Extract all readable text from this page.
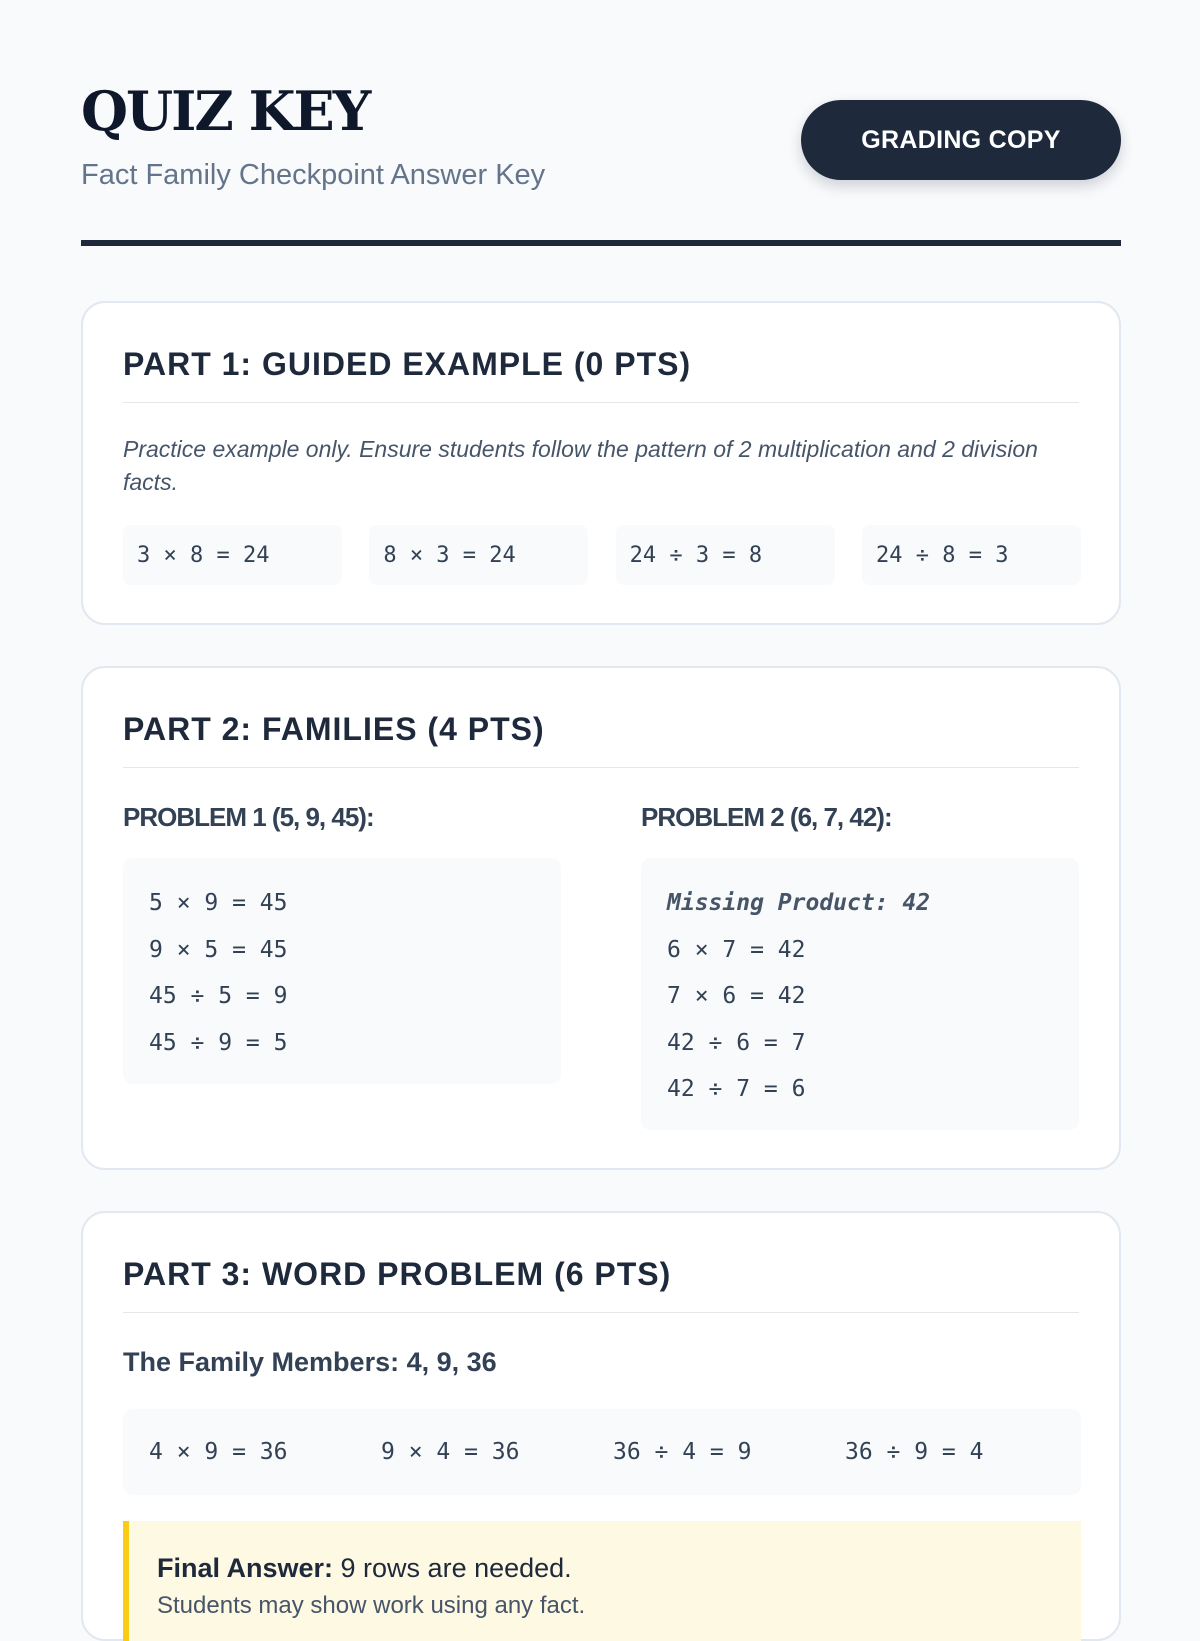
QUIZ KEY
Fact Family Checkpoint Answer Key
GRADING COPY
PART 1: GUIDED EXAMPLE (0 PTS)
Practice example only. Ensure students follow the pattern of 2 multiplication and 2 division facts.
3 × 8 = 24	8 × 3 = 24	24 ÷ 3 = 8	24 ÷ 8 = 3
PART 2: FAMILIES (4 PTS)
PROBLEM 1 (5, 9, 45):
5 × 9 = 45
9 × 5 = 45
45 ÷ 5 = 9
45 ÷ 9 = 5
PROBLEM 2 (6, 7, 42):
Missing Product: 42
6 × 7 = 42
7 × 6 = 42
42 ÷ 6 = 7
42 ÷ 7 = 6
PART 3: WORD PROBLEM (6 PTS)
The Family Members: 4, 9, 36
4 × 9 = 36	9 × 4 = 36	36 ÷ 4 = 9	36 ÷ 9 = 4
Final Answer: 9 rows are needed.
Students may show work using any fact.
